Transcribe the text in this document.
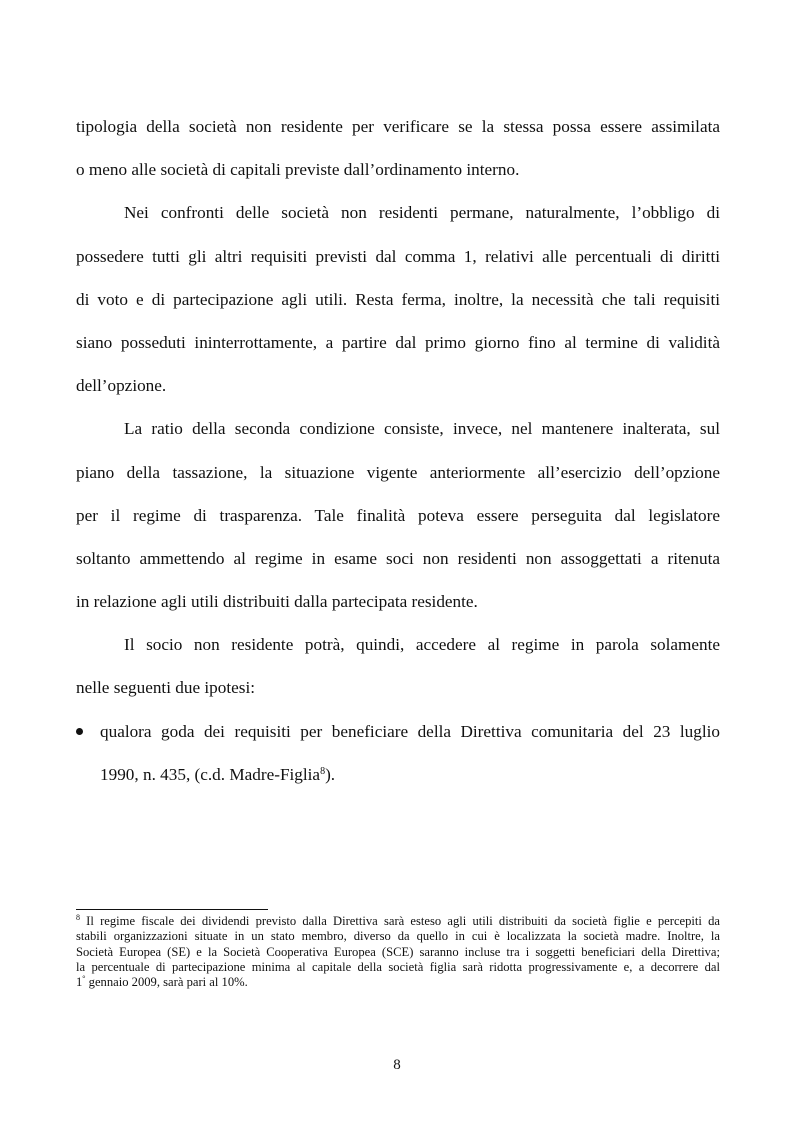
tipologia della società non residente per verificare se la stessa possa essere assimilata
o meno alle società di capitali previste dall’ordinamento interno.
Nei confronti delle società non residenti permane, naturalmente, l’obbligo di
possedere tutti gli altri requisiti previsti dal comma 1, relativi alle percentuali di diritti
di voto e di partecipazione agli utili. Resta ferma, inoltre, la necessità che tali requisiti
siano posseduti ininterrottamente, a partire dal primo giorno fino al termine di validità
dell’opzione.
La ratio della seconda condizione consiste, invece, nel mantenere inalterata, sul
piano della tassazione, la situazione vigente anteriormente all’esercizio dell’opzione
per il regime di trasparenza. Tale finalità poteva essere perseguita dal legislatore
soltanto ammettendo al regime in esame soci non residenti non assoggettati a ritenuta
in relazione agli utili distribuiti dalla partecipata residente.
Il socio non residente potrà, quindi, accedere al regime in parola solamente
nelle seguenti due ipotesi:
qualora goda dei requisiti per beneficiare della Direttiva comunitaria del 23 luglio
1990, n. 435, (c.d. Madre-Figlia$^8$).
$^8$ Il regime fiscale dei dividendi previsto dalla Direttiva sarà esteso agli utili distribuiti da società figlie e percepiti da
stabili organizzazioni situate in un stato membro, diverso da quello in cui è localizzata la società madre. Inoltre, la
Società Europea (SE) e la Società Cooperativa Europea (SCE) saranno incluse tra i soggetti beneficiari della Direttiva;
la percentuale di partecipazione minima al capitale della società figlia sarà ridotta progressivamente e, a decorrere dal
1° gennaio 2009, sarà pari al 10%.
8
